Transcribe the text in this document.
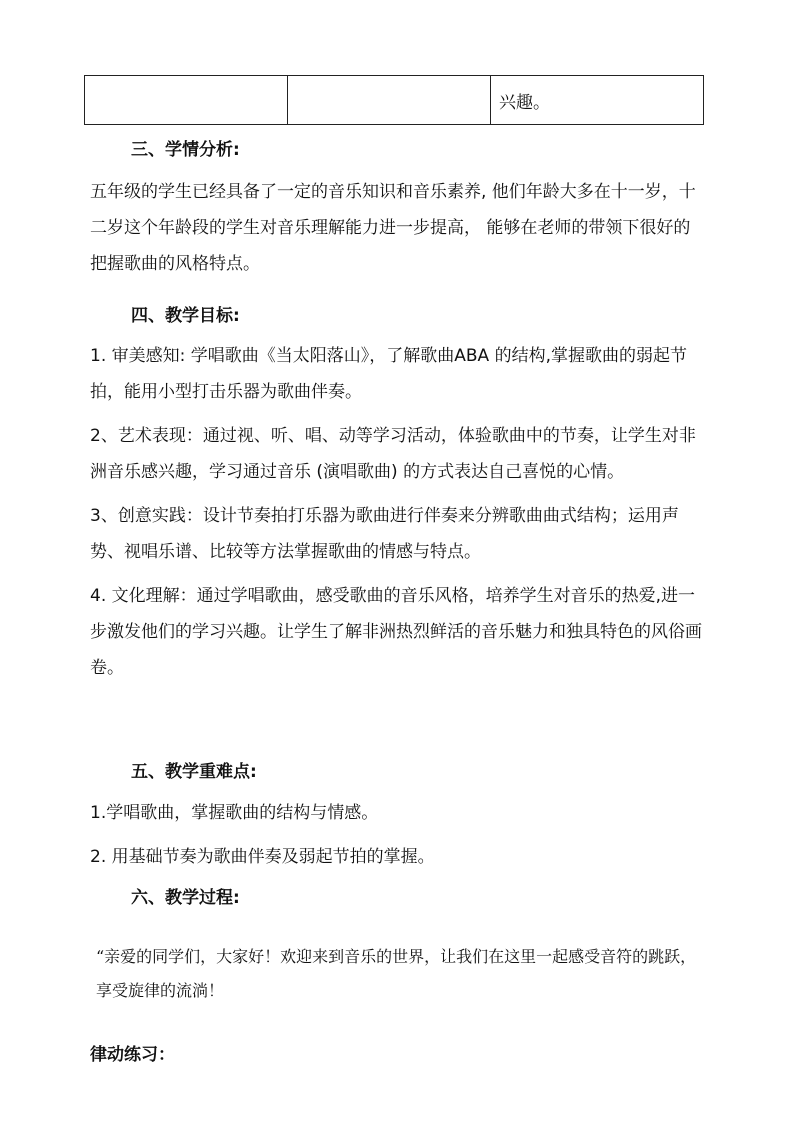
		兴趣。
三、学情分析:

五年级的学生已经具备了一定的音乐知识和音乐素养, 他们年龄大多在十一岁，十二岁这个年龄段的学生对音乐理解能力进一步提高， 能够在老师的带领下很好的把握歌曲的风格特点。

四、教学目标:

1. 审美感知: 学唱歌曲《当太阳落山》，了解歌曲ABA 的结构,掌握歌曲的弱起节拍，能用小型打击乐器为歌曲伴奏。

2、艺术表现：通过视、听、唱、动等学习活动，体验歌曲中的节奏，让学生对非洲音乐感兴趣，学习通过音乐 (演唱歌曲) 的方式表达自己喜悦的心情。

3、创意实践：设计节奏拍打乐器为歌曲进行伴奏来分辨歌曲曲式结构；运用声势、视唱乐谱、比较等方法掌握歌曲的情感与特点。

4. 文化理解：通过学唱歌曲，感受歌曲的音乐风格，培养学生对音乐的热爱,进一步激发他们的学习兴趣。让学生了解非洲热烈鲜活的音乐魅力和独具特色的风俗画卷。

五、教学重难点:

1.学唱歌曲，掌握歌曲的结构与情感。

2. 用基础节奏为歌曲伴奏及弱起节拍的掌握。

六、教学过程:
“亲爱的同学们，大家好！欢迎来到音乐的世界，让我们在这里一起感受音符的跳跃，享受旋律的流淌！
律动练习：
